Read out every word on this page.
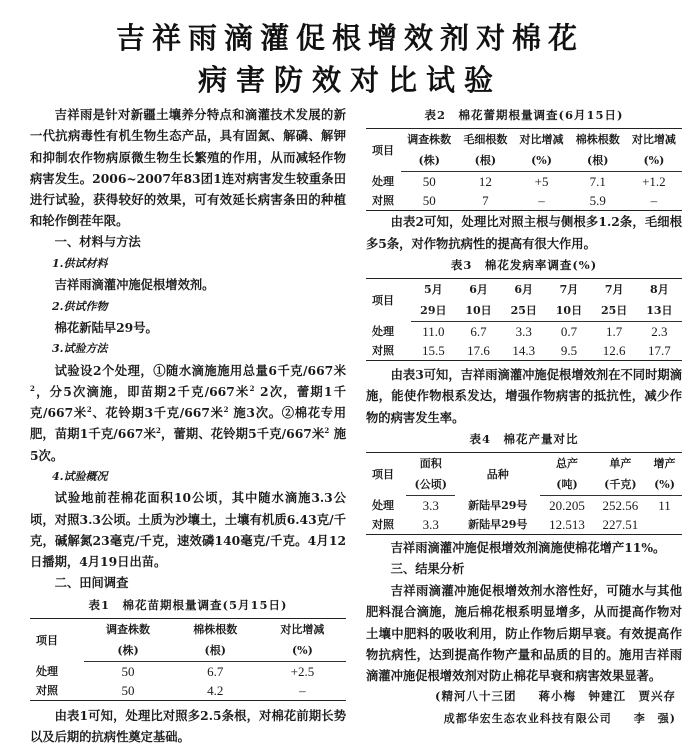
吉祥雨滴灌促根增效剂对棉花
病害防效对比试验

吉祥雨是针对新疆土壤养分特点和滴灌技术发展的新一代抗病毒性有机生物生态产品，具有固氮、解磷、解钾和抑制农作物病原微生物生长繁殖的作用，从而减轻作物病害发生。2006~2007年83团1连对病害发生较重条田进行试验，获得较好的效果，可有效延长病害条田的种植和轮作倒茬年限。

一、材料与方法
1.供试材料
吉祥雨滴灌冲施促根增效剂。
2.供试作物
棉花新陆早29号。
3.试验方法

试验设2个处理，①随水滴施施用总量6千克/667米$^2$，分5次滴施，即苗期2千克/667米$^2$ 2次，蕾期1千克/667米$^2$、花铃期3千克/667米$^2$ 施3次。②棉花专用肥，苗期1千克/667米$^2$，蕾期、花铃期5千克/667米$^2$ 施5次。

4.试验概况

试验地前茬棉花面积10公顷，其中随水滴施3.3公顷，对照3.3公顷。土质为沙壤土，土壤有机质6.43克/千克，碱解氮23毫克/千克，速效磷140毫克/千克。4月12日播期，4月19日出苗。

二、田间调查
表1　棉花苗期根量调查(5月15日)
项目	调查株数	棉株根数	对比增减
	(株)	(根)	(%)
处理	50	6.7	+2.5
对照	50	4.2	–

由表1可知，处理比对照多2.5条根，对棉花前期长势以及后期的抗病性奠定基础。

表2　棉花蕾期根量调查(6月15日)
项目	调查株数	毛细根数	对比增减	棉株根数	对比增减
	(株)	(根)	(%)	(根)	(%)
处理	50	12	+5	7.1	+1.2
对照	50	7	–	5.9	–

由表2可知，处理比对照主根与侧根多1.2条，毛细根多5条，对作物抗病性的提高有很大作用。

表3　棉花发病率调查(%)
项目	5月	6月	6月	7月	7月	8月
	29日	10日	25日	10日	25日	13日
处理	11.0	6.7	3.3	0.7	1.7	2.3
对照	15.5	17.6	14.3	9.5	12.6	17.7

由表3可知，吉祥雨滴灌冲施促根增效剂在不同时期滴施，能使作物根系发达，增强作物病害的抵抗性，减少作物的病害发生率。

表4　棉花产量对比
项目	面积	品种	总产	单产	增产
	(公顷)		(吨)	(千克)	(%)
处理	3.3	新陆早29号	20.205	252.56	11
对照	3.3	新陆早29号	12.513	227.51	

吉祥雨滴灌冲施促根增效剂滴施使棉花增产11%。

三、结果分析

吉祥雨滴灌冲施促根增效剂水溶性好，可随水与其他肥料混合滴施，施后棉花根系明显增多，从而提高作物对土壤中肥料的吸收利用，防止作物后期早衰。有效提高作物抗病性，达到提高作物产量和品质的目的。施用吉祥雨滴灌冲施促根增效剂对防止棉花早衰和病害效果显著。

(精河八十三团 蒋小梅　钟建江　贾兴存
成都华宏生态农业科技有限公司 李　强)
